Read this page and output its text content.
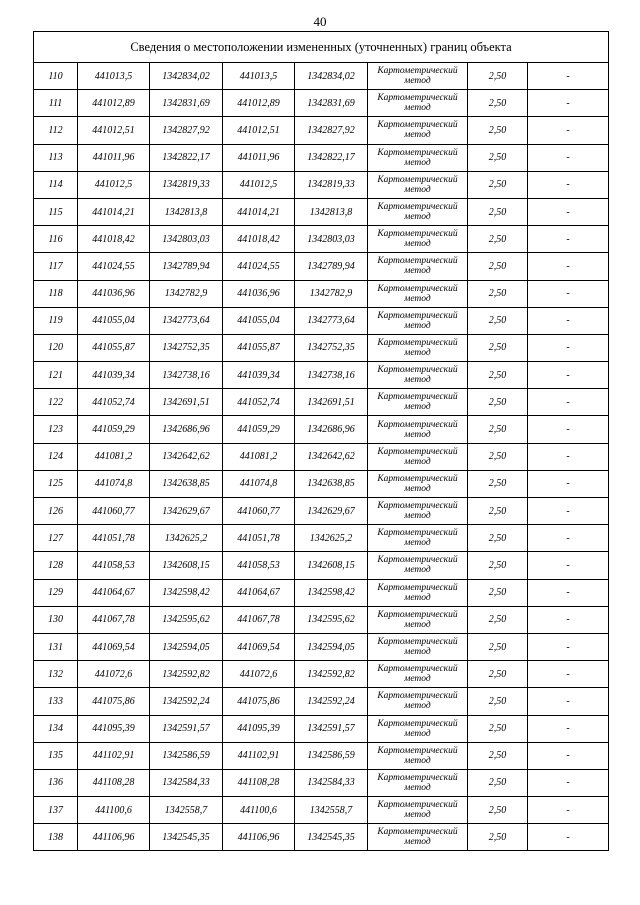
40
Сведения о местоположении измененных (уточненных) границ объекта							
110	441013,5	1342834,02	441013,5	1342834,02	Картометрический метод	2,50	-
111	441012,89	1342831,69	441012,89	1342831,69	Картометрический метод	2,50	-
112	441012,51	1342827,92	441012,51	1342827,92	Картометрический метод	2,50	-
113	441011,96	1342822,17	441011,96	1342822,17	Картометрический метод	2,50	-
114	441012,5	1342819,33	441012,5	1342819,33	Картометрический метод	2,50	-
115	441014,21	1342813,8	441014,21	1342813,8	Картометрический метод	2,50	-
116	441018,42	1342803,03	441018,42	1342803,03	Картометрический метод	2,50	-
117	441024,55	1342789,94	441024,55	1342789,94	Картометрический метод	2,50	-
118	441036,96	1342782,9	441036,96	1342782,9	Картометрический метод	2,50	-
119	441055,04	1342773,64	441055,04	1342773,64	Картометрический метод	2,50	-
120	441055,87	1342752,35	441055,87	1342752,35	Картометрический метод	2,50	-
121	441039,34	1342738,16	441039,34	1342738,16	Картометрический метод	2,50	-
122	441052,74	1342691,51	441052,74	1342691,51	Картометрический метод	2,50	-
123	441059,29	1342686,96	441059,29	1342686,96	Картометрический метод	2,50	-
124	441081,2	1342642,62	441081,2	1342642,62	Картометрический метод	2,50	-
125	441074,8	1342638,85	441074,8	1342638,85	Картометрический метод	2,50	-
126	441060,77	1342629,67	441060,77	1342629,67	Картометрический метод	2,50	-
127	441051,78	1342625,2	441051,78	1342625,2	Картометрический метод	2,50	-
128	441058,53	1342608,15	441058,53	1342608,15	Картометрический метод	2,50	-
129	441064,67	1342598,42	441064,67	1342598,42	Картометрический метод	2,50	-
130	441067,78	1342595,62	441067,78	1342595,62	Картометрический метод	2,50	-
131	441069,54	1342594,05	441069,54	1342594,05	Картометрический метод	2,50	-
132	441072,6	1342592,82	441072,6	1342592,82	Картометрический метод	2,50	-
133	441075,86	1342592,24	441075,86	1342592,24	Картометрический метод	2,50	-
134	441095,39	1342591,57	441095,39	1342591,57	Картометрический метод	2,50	-
135	441102,91	1342586,59	441102,91	1342586,59	Картометрический метод	2,50	-
136	441108,28	1342584,33	441108,28	1342584,33	Картометрический метод	2,50	-
137	441100,6	1342558,7	441100,6	1342558,7	Картометрический метод	2,50	-
138	441106,96	1342545,35	441106,96	1342545,35	Картометрический метод	2,50	-
